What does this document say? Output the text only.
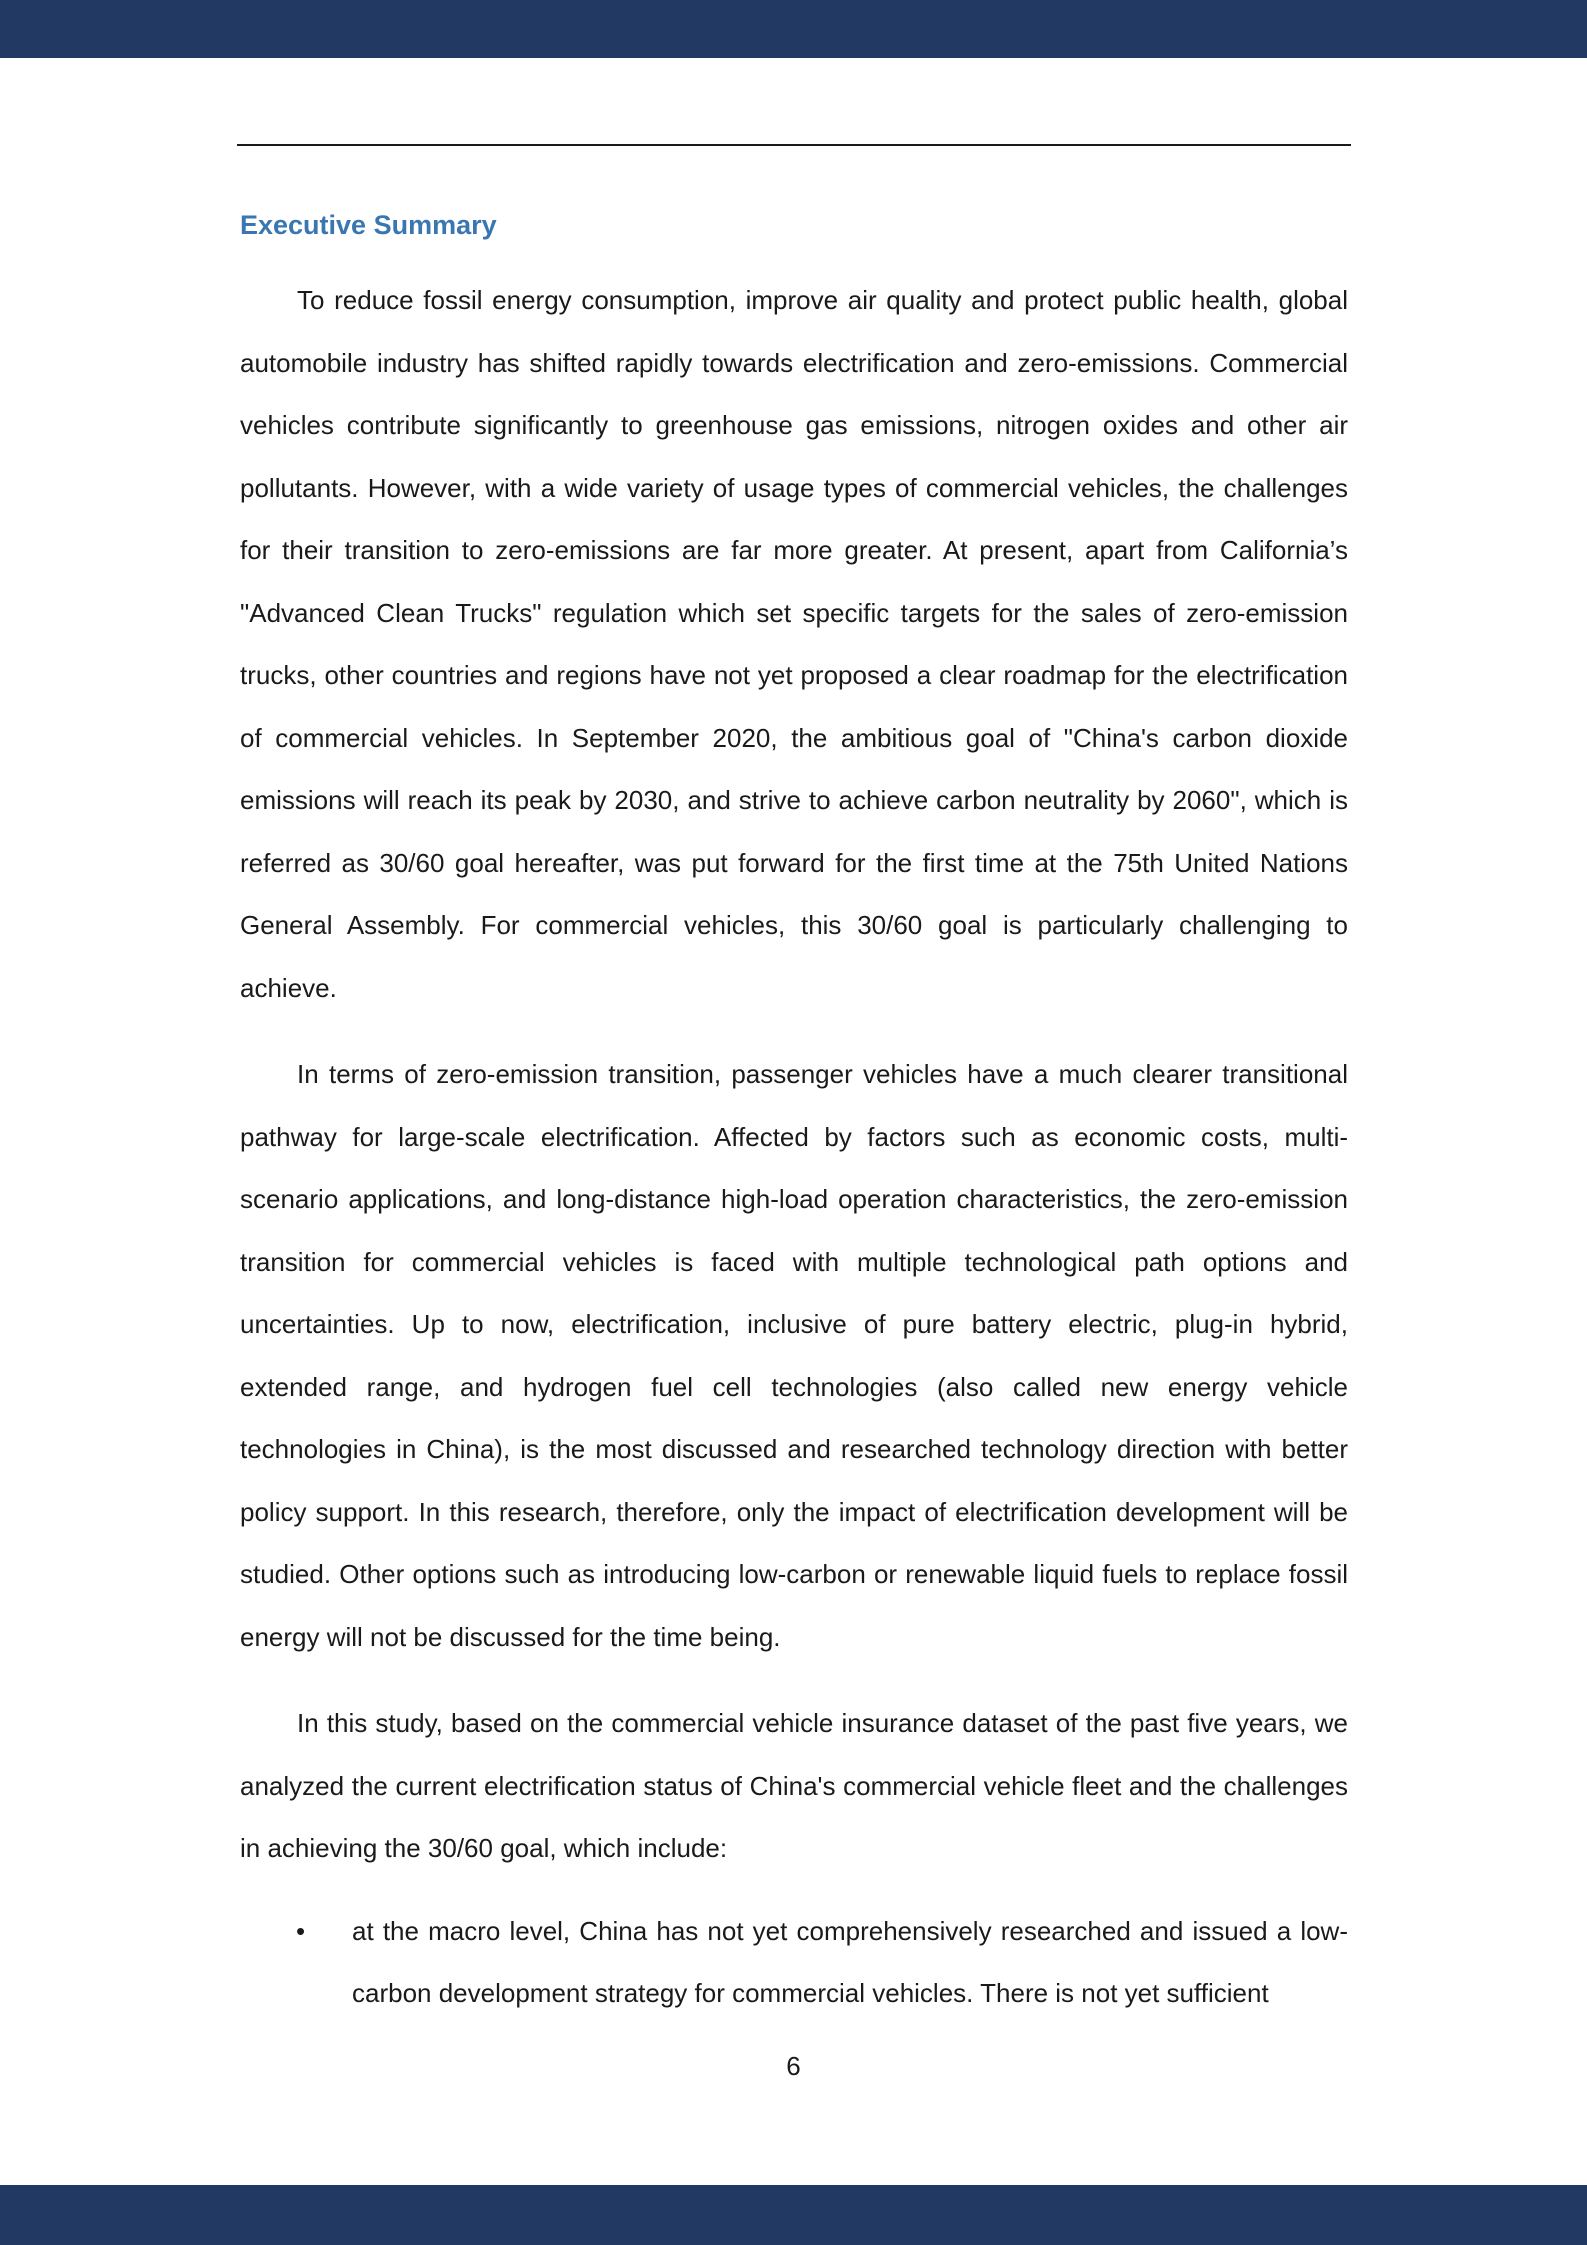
Executive Summary

To reduce fossil energy consumption, improve air quality and protect public health, global automobile industry has shifted rapidly towards electrification and zero-emissions. Commercial vehicles contribute significantly to greenhouse gas emissions, nitrogen oxides and other air pollutants. However, with a wide variety of usage types of commercial vehicles, the challenges for their transition to zero-emissions are far more greater. At present, apart from California’s "Advanced Clean Trucks" regulation which set specific targets for the sales of zero-emission trucks, other countries and regions have not yet proposed a clear roadmap for the electrification of commercial vehicles. In September 2020, the ambitious goal of "China's carbon dioxide emissions will reach its peak by 2030, and strive to achieve carbon neutrality by 2060", which is referred as 30/60 goal hereafter, was put forward for the first time at the 75th United Nations General Assembly. For commercial vehicles, this 30/60 goal is particularly challenging to achieve.

In terms of zero-emission transition, passenger vehicles have a much clearer transitional pathway for large-scale electrification. Affected by factors such as economic costs, multi-scenario applications, and long-distance high-load operation characteristics, the zero-emission transition for commercial vehicles is faced with multiple technological path options and uncertainties. Up to now, electrification, inclusive of pure battery electric, plug-in hybrid, extended range, and hydrogen fuel cell technologies (also called new energy vehicle technologies in China), is the most discussed and researched technology direction with better policy support. In this research, therefore, only the impact of electrification development will be studied. Other options such as introducing low-carbon or renewable liquid fuels to replace fossil energy will not be discussed for the time being.

In this study, based on the commercial vehicle insurance dataset of the past five years, we analyzed the current electrification status of China's commercial vehicle fleet and the challenges in achieving the 30/60 goal, which include:

• at the macro level, China has not yet comprehensively researched and issued a low-carbon development strategy for commercial vehicles. There is not yet sufficient
6
